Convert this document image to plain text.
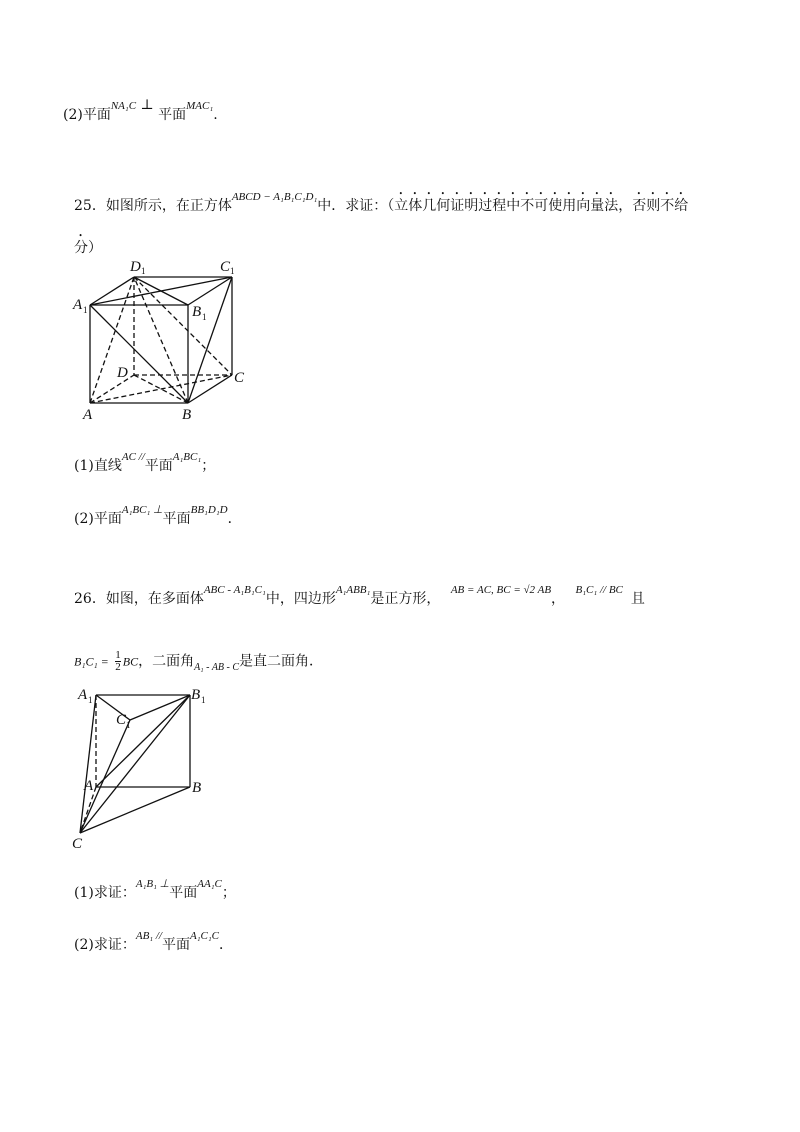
(2)平面$^{NA_1C}$ ⊥ 平面$^{MAC_1}$.
25．如图所示，在正方体$^{ABCD - A_1B_1C_1D_1}$中．求证：（立体几何证明过程中不可使用向量法，否则不给
分）
D 1	C 1
A 1	B 1
D	C
A	B
(1)直线$^{AC //}$平面$^{A_1BC_1}$；
(2)平面$^{A_1BC_1 \perp}$平面$^{BB_1D_1D}$．
26．如图，在多面体$^{ABC - A_1B_1C_1}$中，四边形$^{A_1ABB_1}$是正方形， $^{AB = AC, BC = √2 AB}$， $^{B_1C_1 // BC}$且
$B_1C_1 = \frac{1}{2}$ BC，二面角$_{A_1 - AB - C}$是直二面角．
A 1	B 1
C 1
A	B
C
(1)求证：$^{A_1B_1 \perp}$平面$^{AA_1C}$；
(2)求证：$^{AB_1 //}$平面$^{A_1C_1C}$．
